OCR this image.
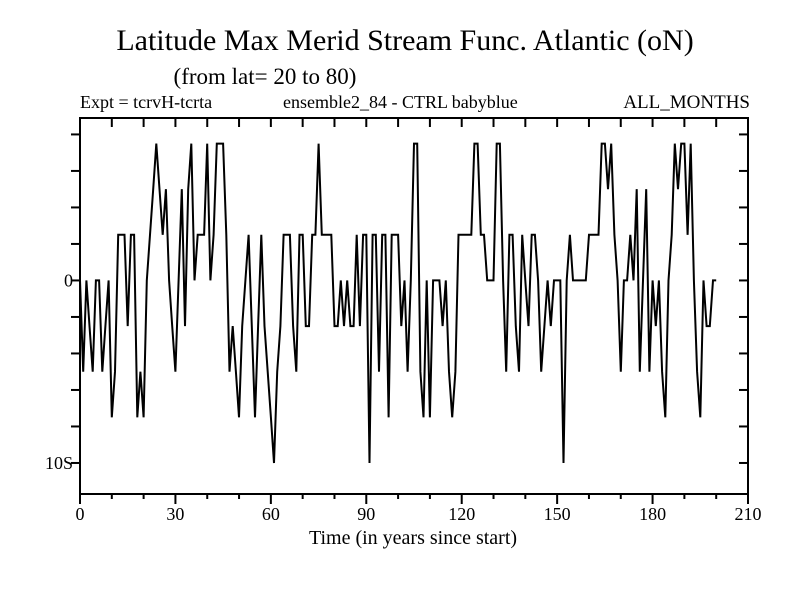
Latitude Max Merid Stream Func. Atlantic (oN)
(from lat= 20 to 80)
Expt = tcrvH-tcrta	ensemble2_84 - CTRL babyblue	ALL_MONTHS
0	30	60	90	120	150	180	210
0
10S
Time (in years since start)
